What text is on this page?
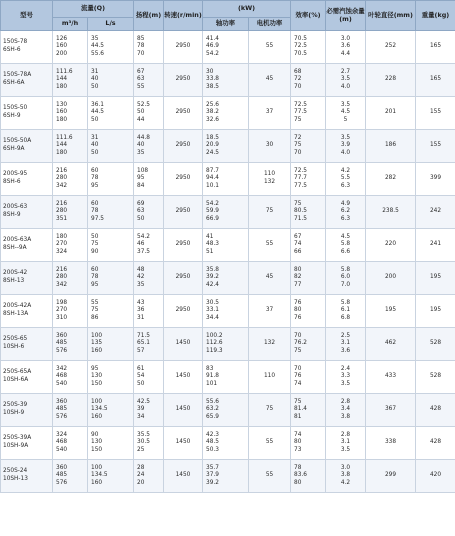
型号	流量(Q)		扬程(m)	转速(r/min)	(kW)		效率(%)	必需汽蚀余量(m)	叶轮直径(mm)	重量(kg)
	m³/h	L/s			轴功率	电机功率				
150S-78
6SH-6	126
160
200	35
44.5
55.6	85
78
70	2950	41.4
46.9
54.2	55	70.5
72.5
70.5	3.0
3.6
4.4	252	165
150S-78A
6SH-6A	111.6
144
180	31
40
50	67
63
55	2950	30
33.8
38.5	45	68
72
70	2.7
3.5
4.0	228	165
150S-50
6SH-9	130
160
180	36.1
44.5
50	52.5
50
44	2950	25.6
38.2
32.6	37	72.5
77.5
75	3.5
4.5
5	201	155
150S-50A
6SH-9A	111.6
144
180	31
40
50	44.8
40
35	2950	18.5
20.9
24.5	30	72
75
70	3.5
3.9
4.0	186	155
200S-95
8SH-6	216
280
342	60
78
95	108
95
84	2950	87.7
94.4
10.1	110
132	72.5
77.7
77.5	4.2
5.5
6.3	282	399
200S-63
8SH-9	216
280
351	60
78
97.5	69
63
50	2950	54.2
59.9
66.9	75	75
80.5
71.5	4.9
6.2
6.3	238.5	242
200S-63A
8SH--9A	180
270
324	50
75
90	54.2
46
37.5	2950	41
48.3
51	55	67
74
66	4.5
5.8
6.6	220	241
200S-42
8SH-13	216
280
342	60
78
95	48
42
35	2950	35.8
39.2
42.4	45	80
82
77	5.8
6.0
7.0	200	195
200S-42A
8SH-13A	198
270
310	55
75
86	43
36
31	2950	30.5
33.1
34.4	37	76
80
76	5.8
6.1
6.8	195	195
250S-65
10SH-6	360
485
576	100
135
160	71.5
65.1
57	1450	100.2
112.6
119.3	132	70
76.2
75	2.5
3.1
3.6	462	528
250S-65A
10SH-6A	342
468
540	95
130
150	61
54
50	1450	83
91.8
101	110	70
76
74	2.4
3.3
3.5	433	528
250S-39
10SH-9	360
485
576	100
134.5
160	42.5
39
34	1450	55.6
63.2
65.9	75	75
81.4
81	2.8
3.4
3.8	367	428
250S-39A
10SH-9A	324
468
540	90
130
150	35.5
30.5
25	1450	42.3
48.5
50.3	55	74
80
73	2.8
3.1
3.5	338	428
250S-24
10SH-13	360
485
576	100
134.5
160	28
24
20	1450	35.7
37.9
39.2	55	78
83.6
80	3.0
3.8
4.2	299	420
